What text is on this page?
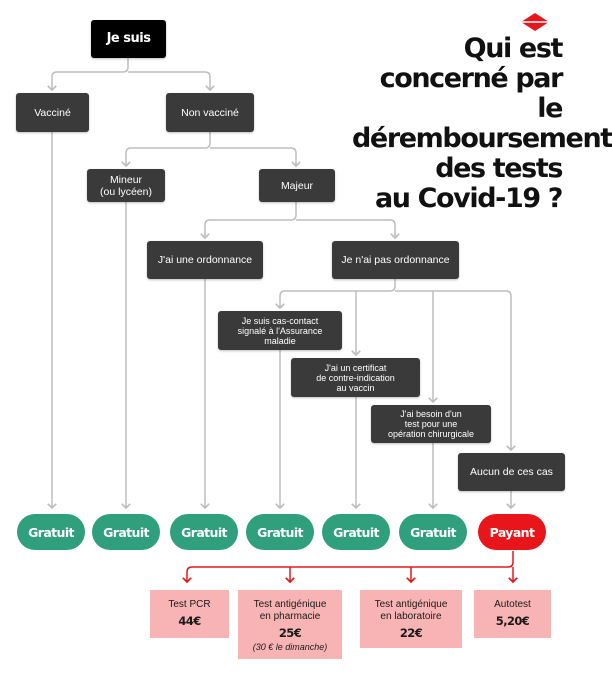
Qui est
concerné par le
déremboursement
des tests
au Covid-19 ?
Je suis
Vacciné	Non vacciné
Mineur
(ou lycéen)	Majeur
J'ai une ordonnance	Je n'ai pas ordonnance
Je suis cas-contact
signalé à l'Assurance
maladie
J'ai un certificat
de contre-indication
au vaccin
J'ai besoin d'un
test pour une
opération chirurgicale
Aucun de ces cas
Gratuit	Gratuit	Gratuit	Gratuit	Gratuit	Gratuit	Payant
Test PCR
44€
Test antigénique
en pharmacie
25€
(30 € le dimanche)
Test antigénique
en laboratoire
22€
Autotest
5,20€
